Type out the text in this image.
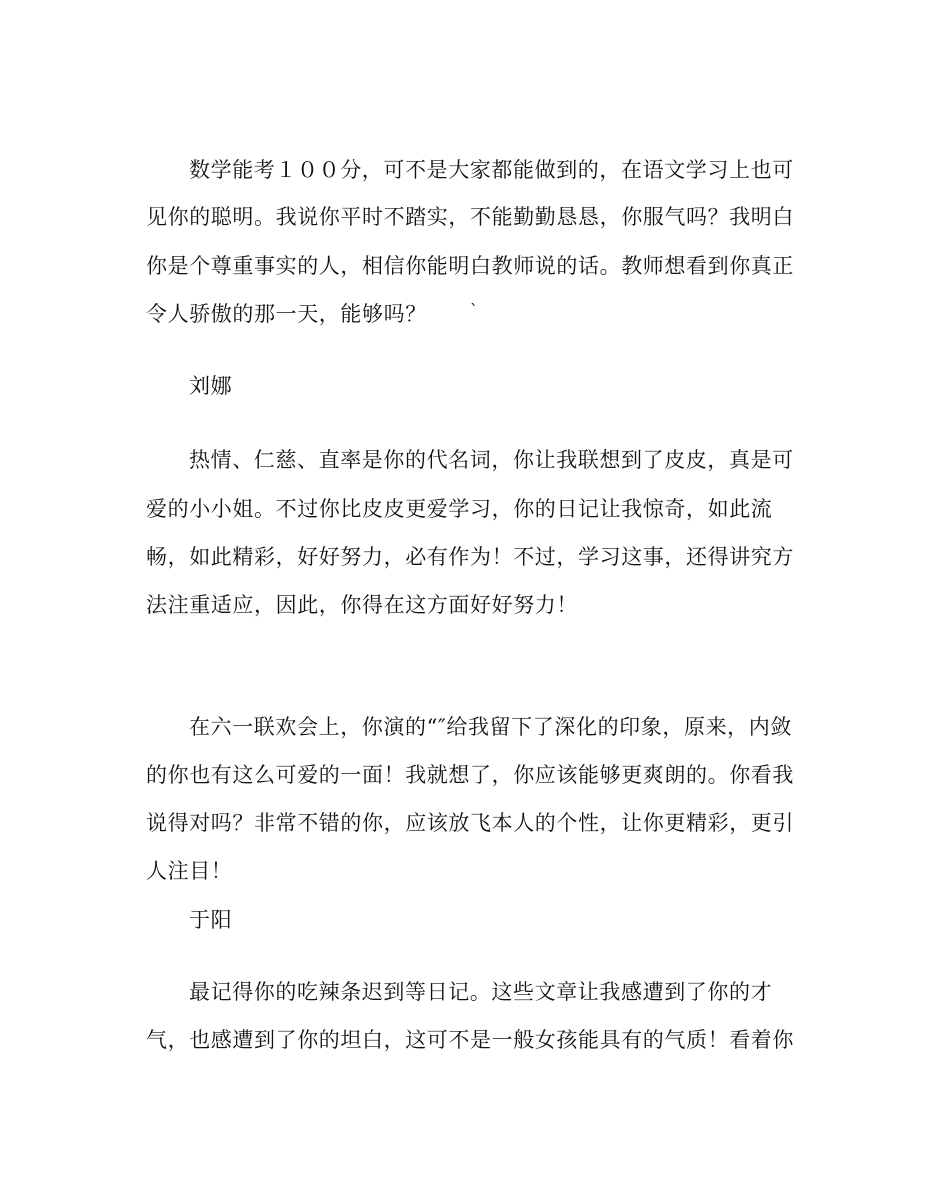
数学能考１００分，可不是大家都能做到的，在语文学习上也可
见你的聪明。我说你平时不踏实，不能勤勤恳恳，你服气吗？我明白
你是个尊重事实的人，相信你能明白教师说的话。教师想看到你真正
令人骄傲的那一天，能够吗？	`
刘娜
热情、仁慈、直率是你的代名词，你让我联想到了皮皮，真是可
爱的小小姐。不过你比皮皮更爱学习，你的日记让我惊奇，如此流
畅，如此精彩，好好努力，必有作为！不过，学习这事，还得讲究方
法注重适应，因此，你得在这方面好好努力！
在六一联欢会上，你演的“″给我留下了深化的印象，原来，内敛
的你也有这么可爱的一面！我就想了，你应该能够更爽朗的。你看我
说得对吗？非常不错的你，应该放飞本人的个性，让你更精彩，更引
人注目！
于阳
最记得你的吃辣条迟到等日记。这些文章让我感遭到了你的才
气，也感遭到了你的坦白，这可不是一般女孩能具有的气质！看着你
